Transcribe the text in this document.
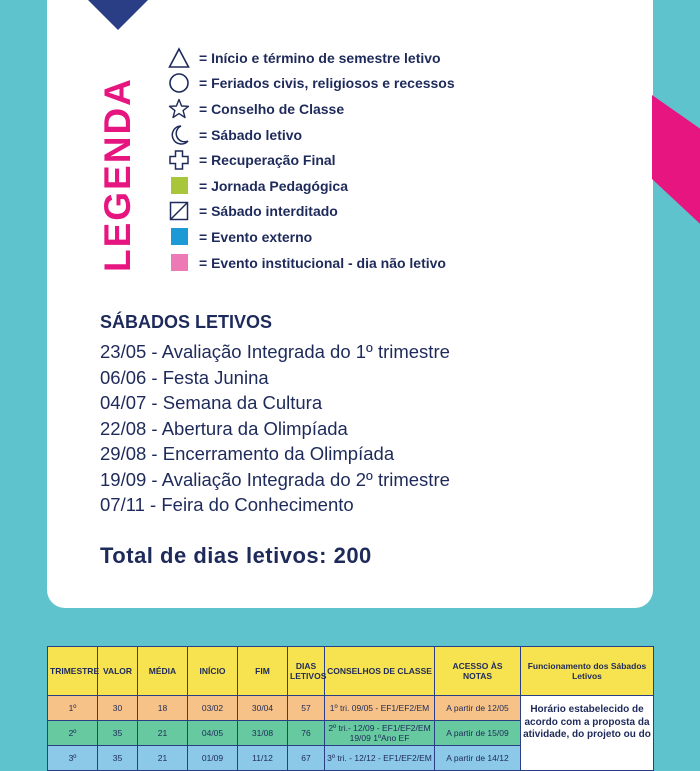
LEGENDA
= Início e término de semestre letivo
= Feriados civis, religiosos e recessos
= Conselho de Classe
= Sábado letivo
= Recuperação Final
= Jornada Pedagógica
= Sábado interditado
= Evento externo
= Evento institucional - dia não letivo
SÁBADOS LETIVOS
23/05 - Avaliação Integrada do 1º trimestre
06/06 - Festa Junina
04/07 - Semana da Cultura
22/08 - Abertura da Olimpíada
29/08 - Encerramento da Olimpíada
19/09 - Avaliação Integrada do 2º trimestre
07/11 - Feira do Conhecimento
Total de dias letivos: 200
TRIMESTRE	VALOR	MÉDIA	INÍCIO	FIM	DIAS LETIVOS	CONSELHOS DE CLASSE	ACESSO ÀS NOTAS	Funcionamento dos Sábados Letivos
1º	30	18	03/02	30/04	57	1º tri. 09/05 - EF1/EF2/EM	A partir de 12/05	Horário estabelecido de acordo com a proposta da atividade, do projeto ou do
2º	35	21	04/05	31/08	76	2º tri.- 12/09 - EF1/EF2/EM 19/09 1ºAno EF	A partir de 15/09	
3º	35	21	01/09	11/12	67	3º tri. - 12/12 - EF1/EF2/EM	A partir de 14/12	
